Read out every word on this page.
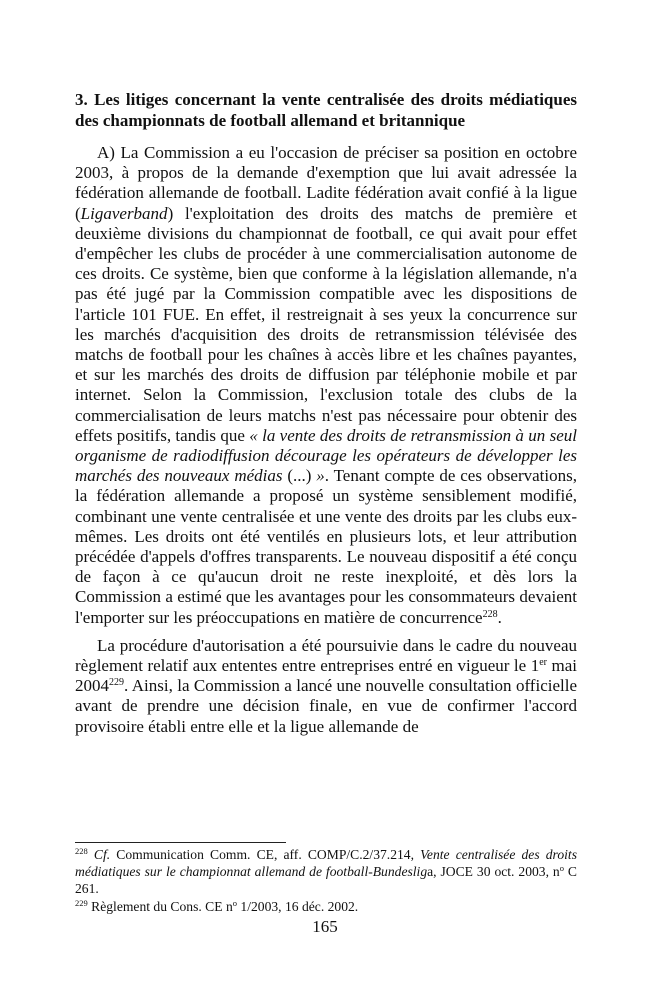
3. Les litiges concernant la vente centralisée des droits médiatiques des championnats de football allemand et britannique

A) La Commission a eu l'occasion de préciser sa position en octobre 2003, à propos de la demande d'exemption que lui avait adressée la fédération allemande de football. Ladite fédération avait confié à la ligue (Ligaverband) l'exploitation des droits des matchs de première et deuxième divisions du championnat de football, ce qui avait pour effet d'empêcher les clubs de procéder à une commercialisation autonome de ces droits. Ce système, bien que conforme à la législation allemande, n'a pas été jugé par la Commission compatible avec les dispositions de l'article 101 FUE. En effet, il restreignait à ses yeux la concurrence sur les marchés d'acquisition des droits de retransmission télévisée des matchs de football pour les chaînes à accès libre et les chaînes payantes, et sur les marchés des droits de diffusion par téléphonie mobile et par internet. Selon la Commission, l'exclusion totale des clubs de la commercialisation de leurs matchs n'est pas nécessaire pour obtenir des effets positifs, tandis que « la vente des droits de retransmission à un seul organisme de radiodiffusion décourage les opérateurs de développer les marchés des nouveaux médias (...) ». Tenant compte de ces observations, la fédération allemande a proposé un système sensiblement modifié, combinant une vente centralisée et une vente des droits par les clubs eux-mêmes. Les droits ont été ventilés en plusieurs lots, et leur attribution précédée d'appels d'offres transparents. Le nouveau dispositif a été conçu de façon à ce qu'aucun droit ne reste inexploité, et dès lors la Commission a estimé que les avantages pour les consommateurs devaient l'emporter sur les préoccupations en matière de concurrence$^{228}$.

La procédure d'autorisation a été poursuivie dans le cadre du nouveau règlement relatif aux ententes entre entreprises entré en vigueur le 1er mai 2004$^{229}$. Ainsi, la Commission a lancé une nouvelle consultation officielle avant de prendre une décision finale, en vue de confirmer l'accord provisoire établi entre elle et la ligue allemande de

$^{228}$ Cf. Communication Comm. CE, aff. COMP/C.2/37.214, Vente centralisée des droits médiatiques sur le championnat allemand de football-Bundesliga, JOCE 30 oct. 2003, $n^o$ C 261.

$^{229}$ Règlement du Cons. CE $n^o$ 1/2003, 16 déc. 2002.

165
